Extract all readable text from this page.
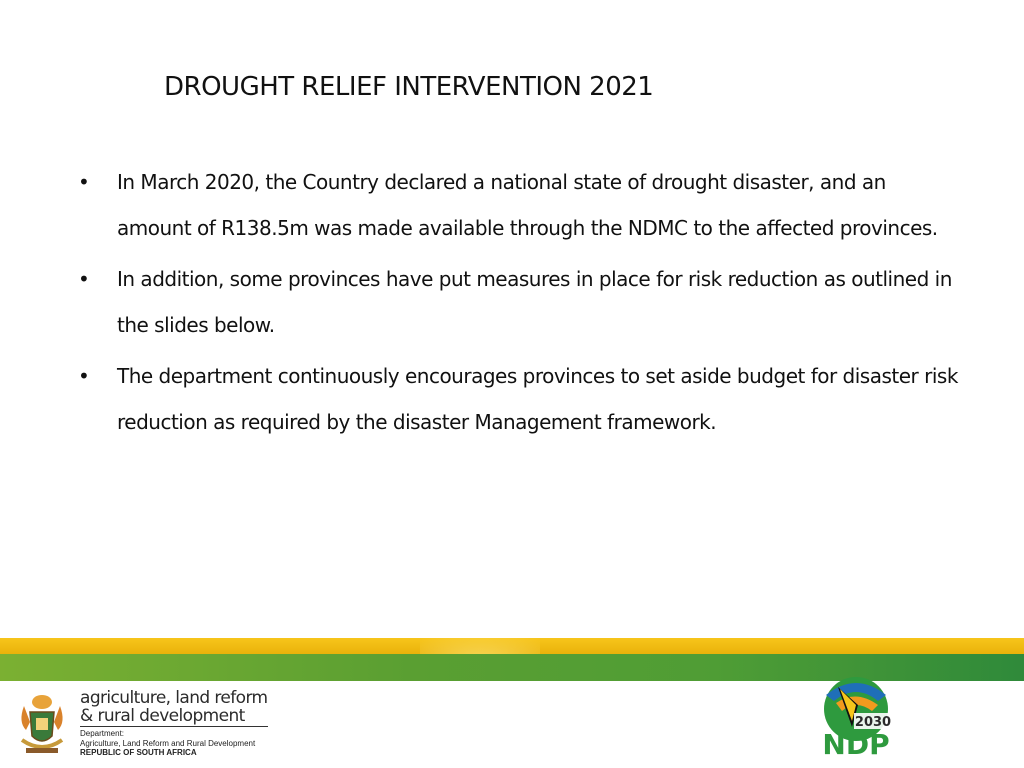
DROUGHT RELIEF INTERVENTION 2021
• In March 2020, the Country declared a national state of drought disaster, and an amount of R138.5m was made available through the NDMC to the affected provinces.
• In addition, some provinces have put measures in place for risk reduction as outlined in the slides below.
• The department continuously encourages provinces to set aside budget for disaster risk reduction as required by the disaster Management framework.

agriculture, land reform
& rural development

Department:
Agriculture, Land Reform and Rural Development
REPUBLIC OF SOUTH AFRICA
2030
NDP
